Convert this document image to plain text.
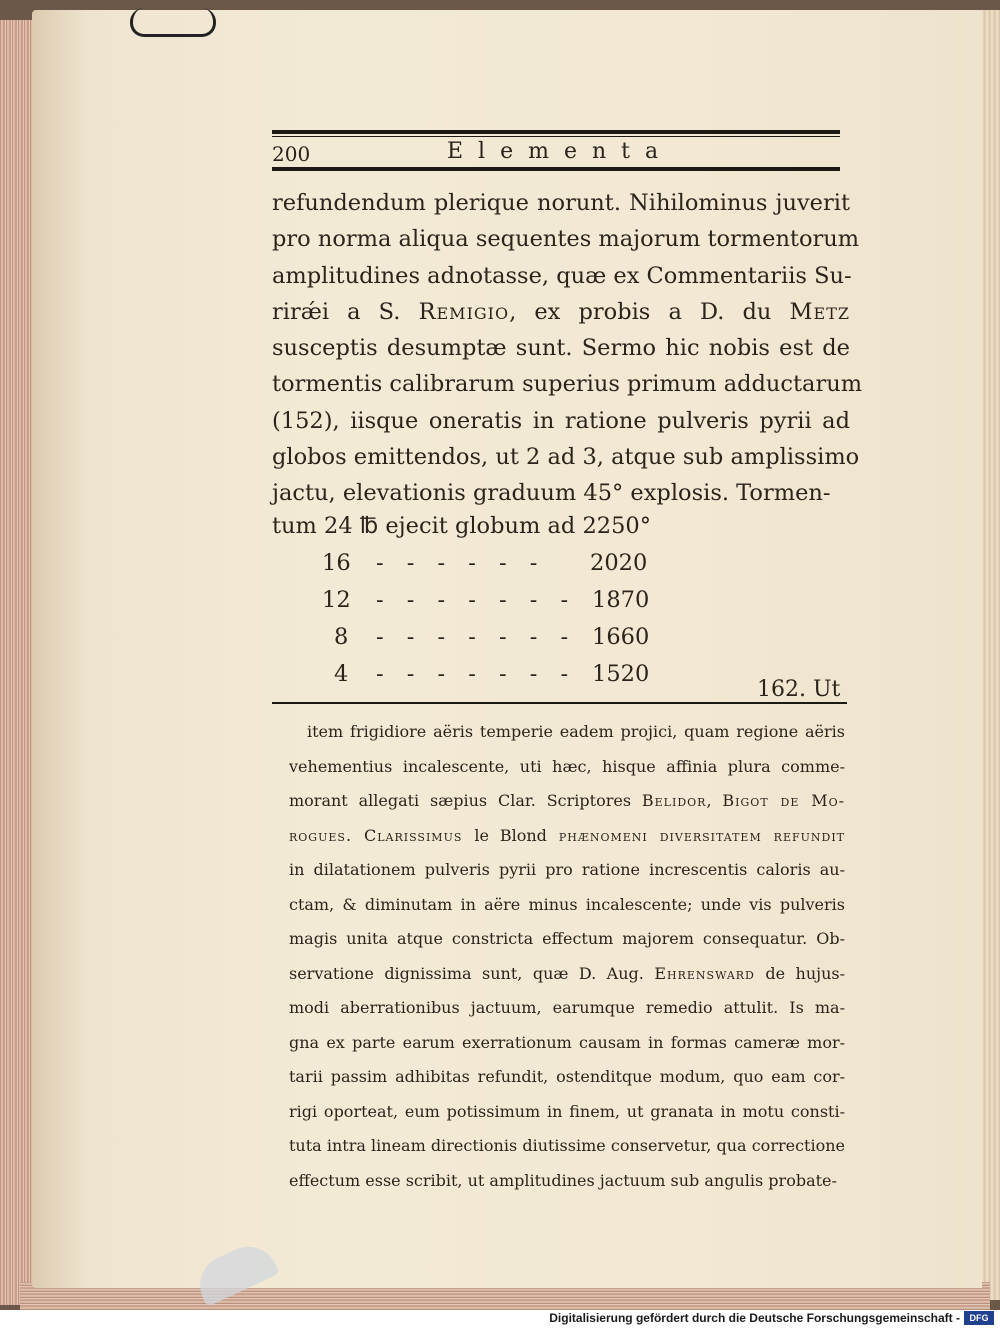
200	Elementa
refundendum plerique norunt. Nihilominus juverit
pro norma aliqua sequentes majorum tormentorum
amplitudines adnotasse, quæ ex Commentariis Su-
rirǽi a S. Remigio, ex probis a D. du Metz
susceptis desumptæ sunt. Sermo hic nobis est de
tormentis calibrarum superius primum adductarum
(152), iisque oneratis in ratione pulveris pyrii ad
globos emittendos, ut 2 ad 3, atque sub amplissimo
jactu, elevationis graduum 45° explosis. Tormen-
tum 24 ℔ ejecit globum ad 2250°
16 - - - - - - 2020
12 - - - - - - - 1870
8 - - - - - - - 1660
4 - - - - - - - 1520
162. Ut
item frigidiore aëris temperie eadem projici, quam regione aëris
vehementius incalescente, uti hæc, hisque affinia plura comme-
morant allegati sæpius Clar. Scriptores Belidor, Bigot de Mo-
rogues. Clarissimus le Blond phænomeni diversitatem refundit
in dilatationem pulveris pyrii pro ratione increscentis caloris au-
ctam, & diminutam in aëre minus incalescente; unde vis pulveris
magis unita atque constricta effectum majorem consequatur. Ob-
servatione dignissima sunt, quæ D. Aug. Ehrensward de hujus-
modi aberrationibus jactuum, earumque remedio attulit. Is ma-
gna ex parte earum exerrationum causam in formas cameræ mor-
tarii passim adhibitas refundit, ostenditque modum, quo eam cor-
rigi oporteat, eum potissimum in finem, ut granata in motu consti-
tuta intra lineam directionis diutissime conservetur, qua correctione
effectum esse scribit, ut amplitudines jactuum sub angulis probate-
Digitalisierung gefördert durch die Deutsche Forschungsgemeinschaft -	DFG
